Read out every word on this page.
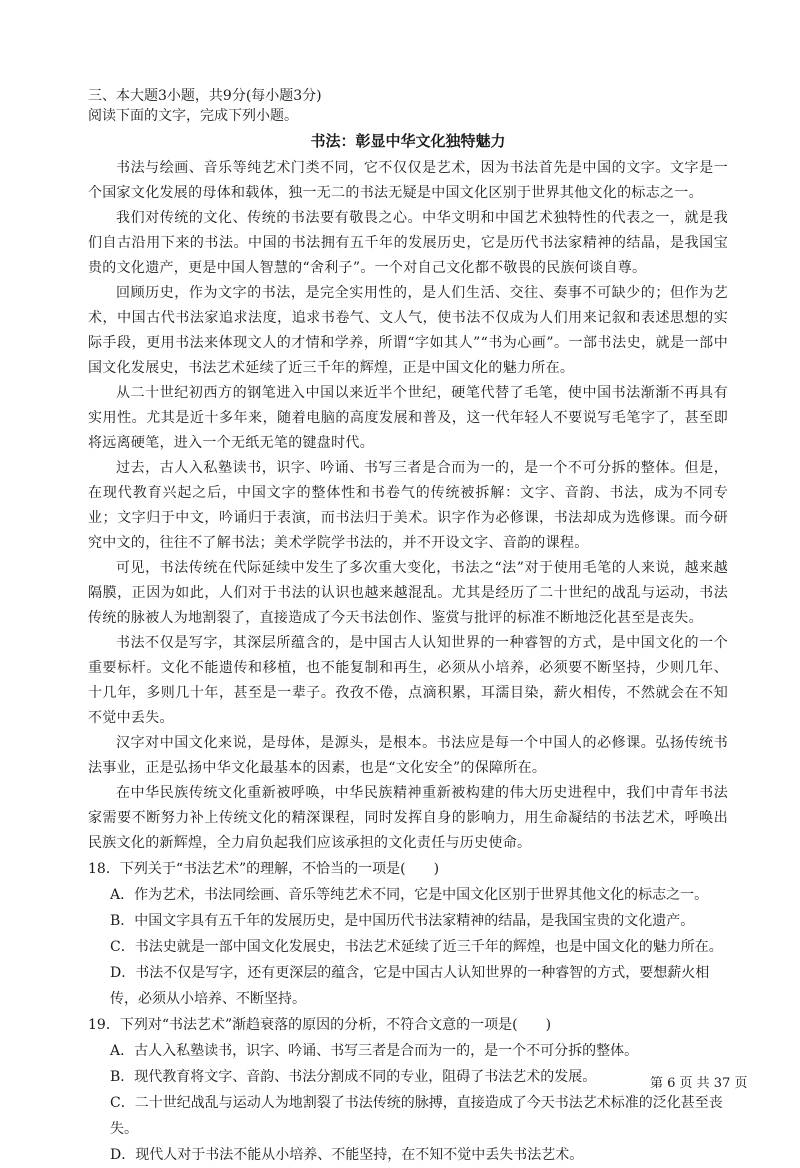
三、本大题3小题，共9分(每小题3分)
阅读下面的文字，完成下列小题。
书法：彰显中华文化独特魅力

书法与绘画、音乐等纯艺术门类不同，它不仅仅是艺术，因为书法首先是中国的文字。文字是一个国家文化发展的母体和载体，独一无二的书法无疑是中国文化区别于世界其他文化的标志之一。

我们对传统的文化、传统的书法要有敬畏之心。中华文明和中国艺术独特性的代表之一，就是我们自古沿用下来的书法。中国的书法拥有五千年的发展历史，它是历代书法家精神的结晶，是我国宝贵的文化遗产，更是中国人智慧的“舍利子”。一个对自己文化都不敬畏的民族何谈自尊。

回顾历史，作为文字的书法，是完全实用性的，是人们生活、交往、奏事不可缺少的；但作为艺术，中国古代书法家追求法度，追求书卷气、文人气，使书法不仅成为人们用来记叙和表述思想的实际手段，更用书法来体现文人的才情和学养，所谓“字如其人”“书为心画”。一部书法史，就是一部中国文化发展史，书法艺术延续了近三千年的辉煌，正是中国文化的魅力所在。

从二十世纪初西方的钢笔进入中国以来近半个世纪，硬笔代替了毛笔，使中国书法渐渐不再具有实用性。尤其是近十多年来，随着电脑的高度发展和普及，这一代年轻人不要说写毛笔字了，甚至即将远离硬笔，进入一个无纸无笔的键盘时代。

过去，古人入私塾读书，识字、吟诵、书写三者是合而为一的，是一个不可分拆的整体。但是，在现代教育兴起之后，中国文字的整体性和书卷气的传统被拆解：文字、音韵、书法，成为不同专业；文字归于中文，吟诵归于表演，而书法归于美术。识字作为必修课，书法却成为选修课。而今研究中文的，往往不了解书法；美术学院学书法的，并不开设文字、音韵的课程。

可见，书法传统在代际延续中发生了多次重大变化，书法之“法”对于使用毛笔的人来说，越来越隔膜，正因为如此，人们对于书法的认识也越来越混乱。尤其是经历了二十世纪的战乱与运动，书法传统的脉被人为地割裂了，直接造成了今天书法创作、鉴赏与批评的标准不断地泛化甚至是丧失。

书法不仅是写字，其深层所蕴含的，是中国古人认知世界的一种睿智的方式，是中国文化的一个重要标杆。文化不能遗传和移植，也不能复制和再生，必须从小培养，必须要不断坚持，少则几年、十几年，多则几十年，甚至是一辈子。孜孜不倦，点滴积累，耳濡目染，薪火相传，不然就会在不知不觉中丢失。

汉字对中国文化来说，是母体，是源头，是根本。书法应是每一个中国人的必修课。弘扬传统书法事业，正是弘扬中华文化最基本的因素，也是“文化安全”的保障所在。

在中华民族传统文化重新被呼唤，中华民族精神重新被构建的伟大历史进程中，我们中青年书法家需要不断努力补上传统文化的精深课程，同时发挥自身的影响力，用生命凝结的书法艺术，呼唤出民族文化的新辉煌，全力肩负起我们应该承担的文化责任与历史使命。

18．下列关于“书法艺术”的理解，不恰当的一项是(　　)
A．作为艺术，书法同绘画、音乐等纯艺术不同，它是中国文化区别于世界其他文化的标志之一。
B．中国文字具有五千年的发展历史，是中国历代书法家精神的结晶，是我国宝贵的文化遗产。
C．书法史就是一部中国文化发展史，书法艺术延续了近三千年的辉煌，也是中国文化的魅力所在。
D．书法不仅是写字，还有更深层的蕴含，它是中国古人认知世界的一种睿智的方式，要想薪火相传，必须从小培养、不断坚持。
19．下列对“书法艺术”渐趋衰落的原因的分析，不符合文意的一项是(　　)
A．古人入私塾读书，识字、吟诵、书写三者是合而为一的，是一个不可分拆的整体。
B．现代教育将文字、音韵、书法分割成不同的专业，阻碍了书法艺术的发展。
C．二十世纪战乱与运动人为地割裂了书法传统的脉搏，直接造成了今天书法艺术标准的泛化甚至丧失。
D．现代人对于书法不能从小培养、不能坚持，在不知不觉中丢失书法艺术。
第 6 页 共 37 页
